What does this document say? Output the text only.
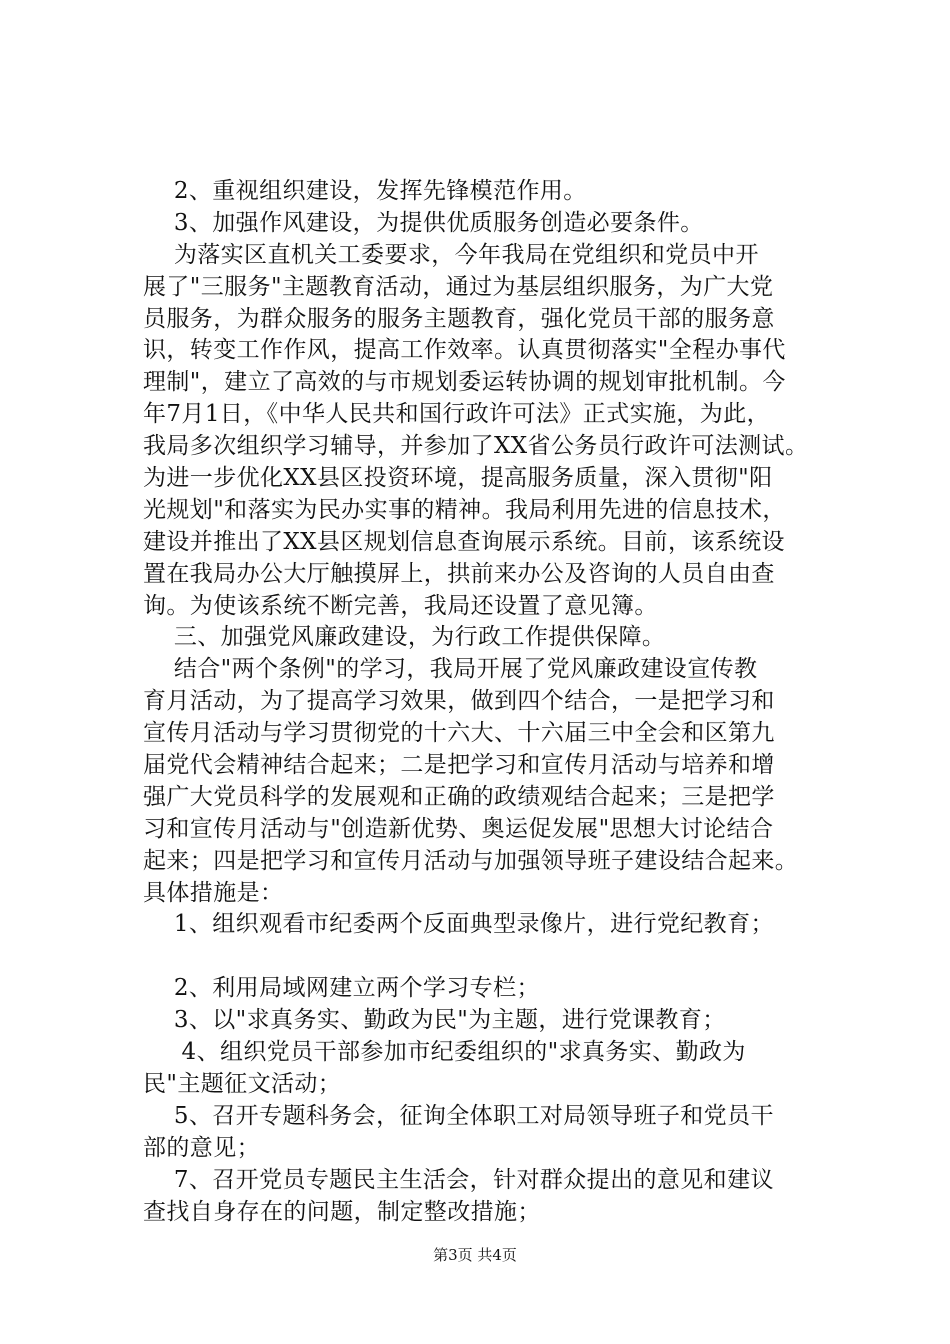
2、重视组织建设，发挥先锋模范作用。

3、加强作风建设，为提供优质服务创造必要条件。

为落实区直机关工委要求，今年我局在党组织和党员中开

展了"三服务"主题教育活动，通过为基层组织服务，为广大党

员服务，为群众服务的服务主题教育，强化党员干部的服务意

识，转变工作作风，提高工作效率。认真贯彻落实"全程办事代

理制"，建立了高效的与市规划委运转协调的规划审批机制。今

年7月1日，《中华人民共和国行政许可法》正式实施，为此，

我局多次组织学习辅导，并参加了XX省公务员行政许可法测试。

为进一步优化XX县区投资环境，提高服务质量，深入贯彻"阳

光规划"和落实为民办实事的精神。我局利用先进的信息技术，

建设并推出了XX县区规划信息查询展示系统。目前，该系统设

置在我局办公大厅触摸屏上，拱前来办公及咨询的人员自由查

询。为使该系统不断完善，我局还设置了意见簿。

三、加强党风廉政建设，为行政工作提供保障。

结合"两个条例"的学习，我局开展了党风廉政建设宣传教

育月活动，为了提高学习效果，做到四个结合，一是把学习和

宣传月活动与学习贯彻党的十六大、十六届三中全会和区第九

届党代会精神结合起来；二是把学习和宣传月活动与培养和增

强广大党员科学的发展观和正确的政绩观结合起来；三是把学

习和宣传月活动与"创造新优势、奥运促发展"思想大讨论结合

起来；四是把学习和宣传月活动与加强领导班子建设结合起来。

具体措施是：

1、组织观看市纪委两个反面典型录像片，进行党纪教育；

2、利用局域网建立两个学习专栏；

3、以"求真务实、勤政为民"为主题，进行党课教育；

4、组织党员干部参加市纪委组织的"求真务实、勤政为

民"主题征文活动；

5、召开专题科务会，征询全体职工对局领导班子和党员干

部的意见；

7、召开党员专题民主生活会，针对群众提出的意见和建议

查找自身存在的问题，制定整改措施；

第3页 共4页
